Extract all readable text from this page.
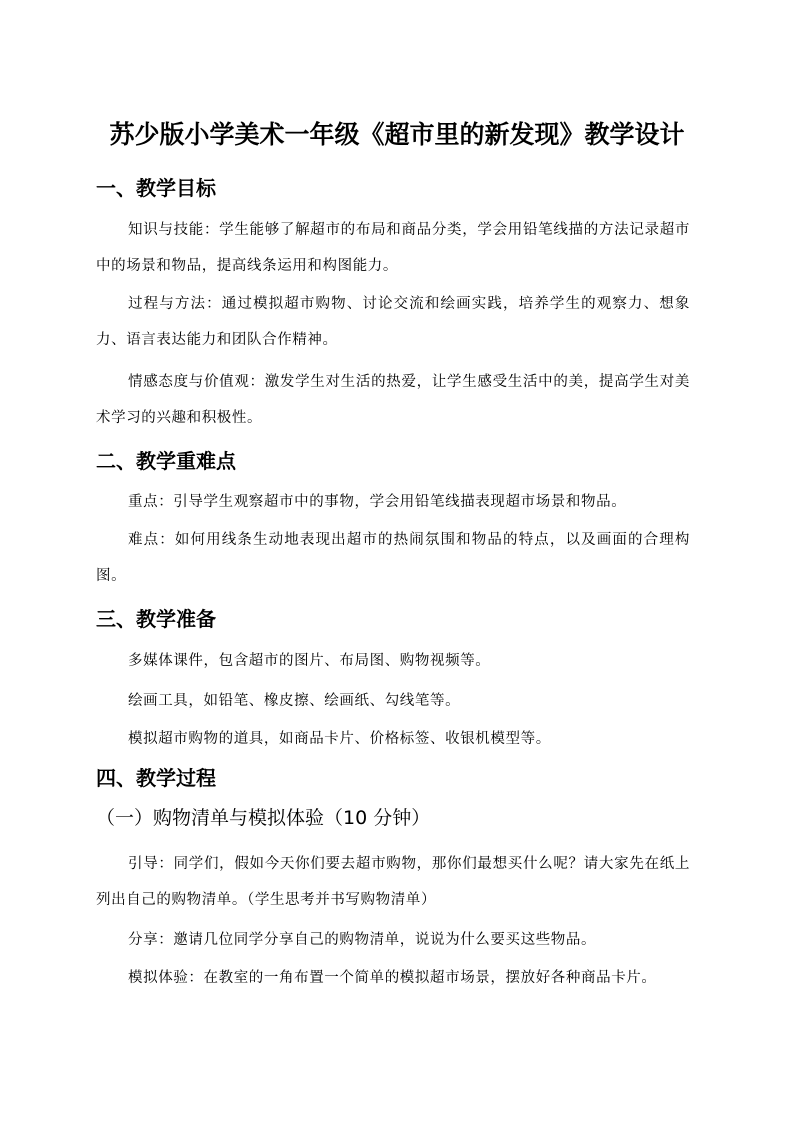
苏少版小学美术一年级《超市里的新发现》教学设计
一、教学目标
知识与技能：学生能够了解超市的布局和商品分类，学会用铅笔线描的方法记录超市中的场景和物品，提高线条运用和构图能力。
过程与方法：通过模拟超市购物、讨论交流和绘画实践，培养学生的观察力、想象力、语言表达能力和团队合作精神。
情感态度与价值观：激发学生对生活的热爱，让学生感受生活中的美，提高学生对美术学习的兴趣和积极性。
二、教学重难点
重点：引导学生观察超市中的事物，学会用铅笔线描表现超市场景和物品。
难点：如何用线条生动地表现出超市的热闹氛围和物品的特点，以及画面的合理构图。
三、教学准备
多媒体课件，包含超市的图片、布局图、购物视频等。
绘画工具，如铅笔、橡皮擦、绘画纸、勾线笔等。
模拟超市购物的道具，如商品卡片、价格标签、收银机模型等。
四、教学过程
（一）购物清单与模拟体验（10 分钟）
引导：同学们，假如今天你们要去超市购物，那你们最想买什么呢？请大家先在纸上列出自己的购物清单。（学生思考并书写购物清单）
分享：邀请几位同学分享自己的购物清单，说说为什么要买这些物品。
模拟体验：在教室的一角布置一个简单的模拟超市场景，摆放好各种商品卡片。
